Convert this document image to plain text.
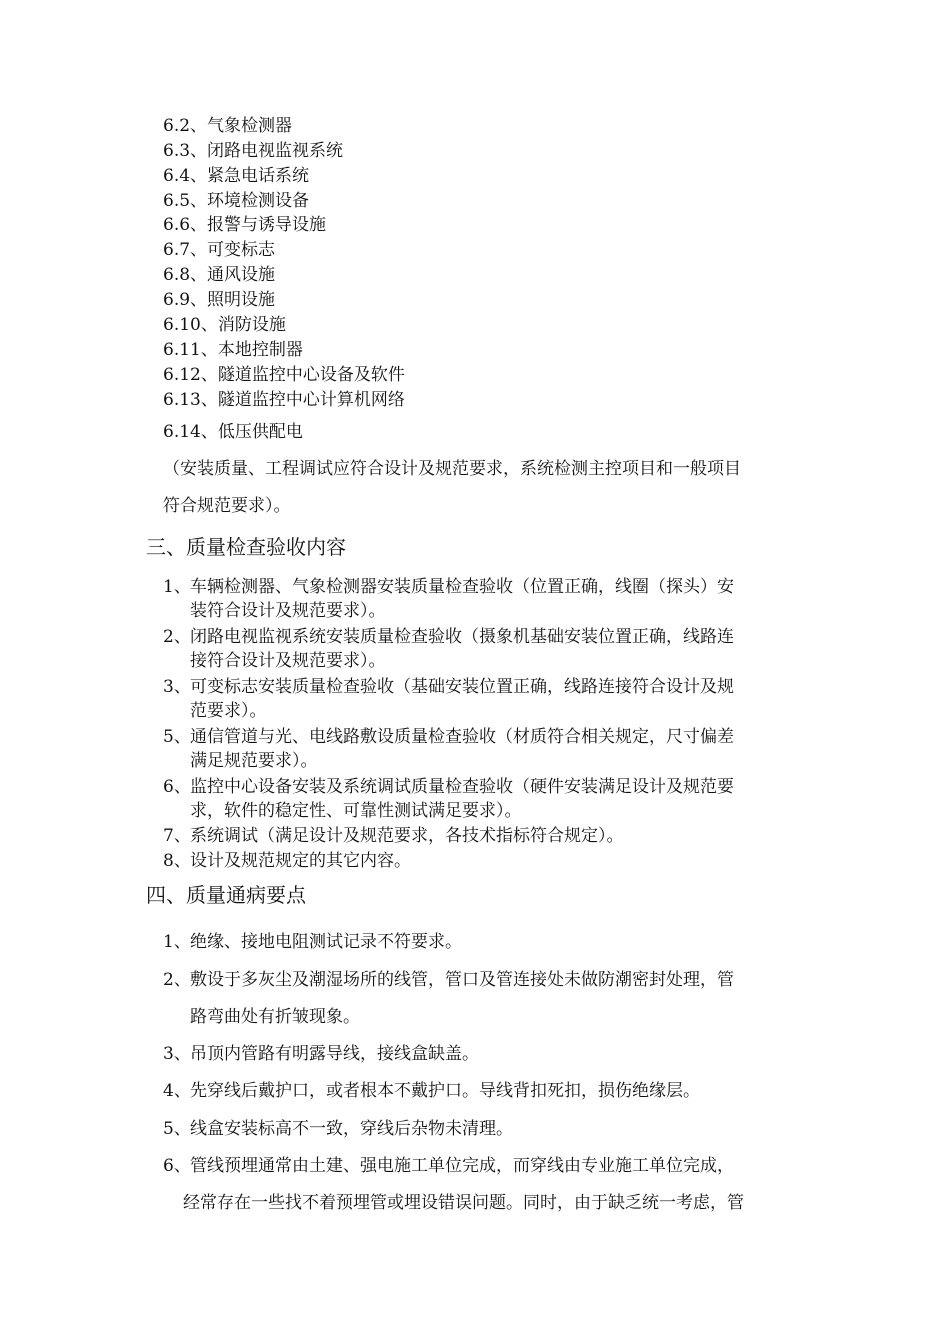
6.2、气象检测器
6.3、闭路电视监视系统
6.4、紧急电话系统
6.5、环境检测设备
6.6、报警与诱导设施
6.7、可变标志
6.8、通风设施
6.9、照明设施
6.10、消防设施
6.11、本地控制器
6.12、隧道监控中心设备及软件
6.13、隧道监控中心计算机网络
6.14、低压供配电
（安装质量、工程调试应符合设计及规范要求，系统检测主控项目和一般项目
符合规范要求）。
三、质量检查验收内容
1、 车辆检测器、气象检测器安装质量检查验收（位置正确，线圈（探头）安
装符合设计及规范要求）。
2、 闭路电视监视系统安装质量检查验收（摄象机基础安装位置正确，线路连
接符合设计及规范要求）。
3、 可变标志安装质量检查验收（基础安装位置正确，线路连接符合设计及规
范要求）。
5、 通信管道与光、电线路敷设质量检查验收（材质符合相关规定，尺寸偏差
满足规范要求）。
6、 监控中心设备安装及系统调试质量检查验收（硬件安装满足设计及规范要
求，软件的稳定性、可靠性测试满足要求）。
7、 系统调试（满足设计及规范要求，各技术指标符合规定）。
8、 设计及规范规定的其它内容。
四、质量通病要点
1、 绝缘、接地电阻测试记录不符要求。
2、 敷设于多灰尘及潮湿场所的线管，管口及管连接处未做防潮密封处理，管
路弯曲处有折皱现象。
3、 吊顶内管路有明露导线，接线盒缺盖。
4、 先穿线后戴护口，或者根本不戴护口。导线背扣死扣，损伤绝缘层。
5、 线盒安装标高不一致，穿线后杂物未清理。
6、 管线预埋通常由土建、强电施工单位完成，而穿线由专业施工单位完成，
经常存在一些找不着预埋管或埋设错误问题。同时，由于缺乏统一考虑，管
